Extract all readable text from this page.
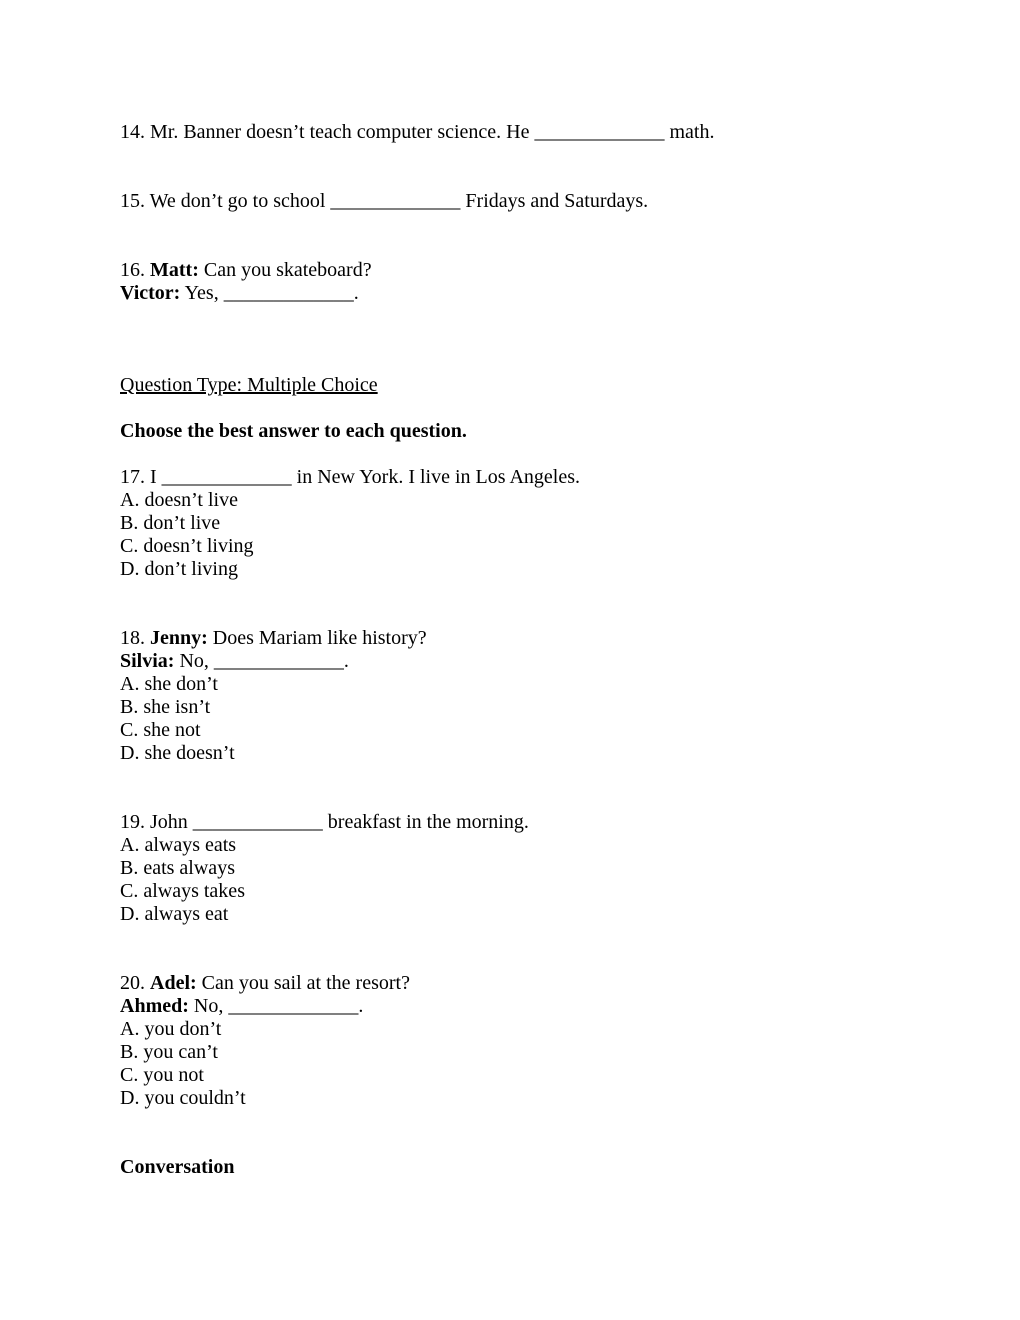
14. Mr. Banner doesn’t teach computer science. He _____________ math.
15. We don’t go to school _____________ Fridays and Saturdays.
16. Matt: Can you skateboard?
Victor: Yes, _____________.
Question Type: Multiple Choice
Choose the best answer to each question.
17. I _____________ in New York. I live in Los Angeles.
A. doesn’t live
B. don’t live
C. doesn’t living
D. don’t living
18. Jenny: Does Mariam like history?
Silvia: No, _____________.
A. she don’t
B. she isn’t
C. she not
D. she doesn’t
19. John _____________ breakfast in the morning.
A. always eats
B. eats always
C. always takes
D. always eat
20. Adel: Can you sail at the resort?
Ahmed: No, _____________.
A. you don’t
B. you can’t
C. you not
D. you couldn’t
Conversation
